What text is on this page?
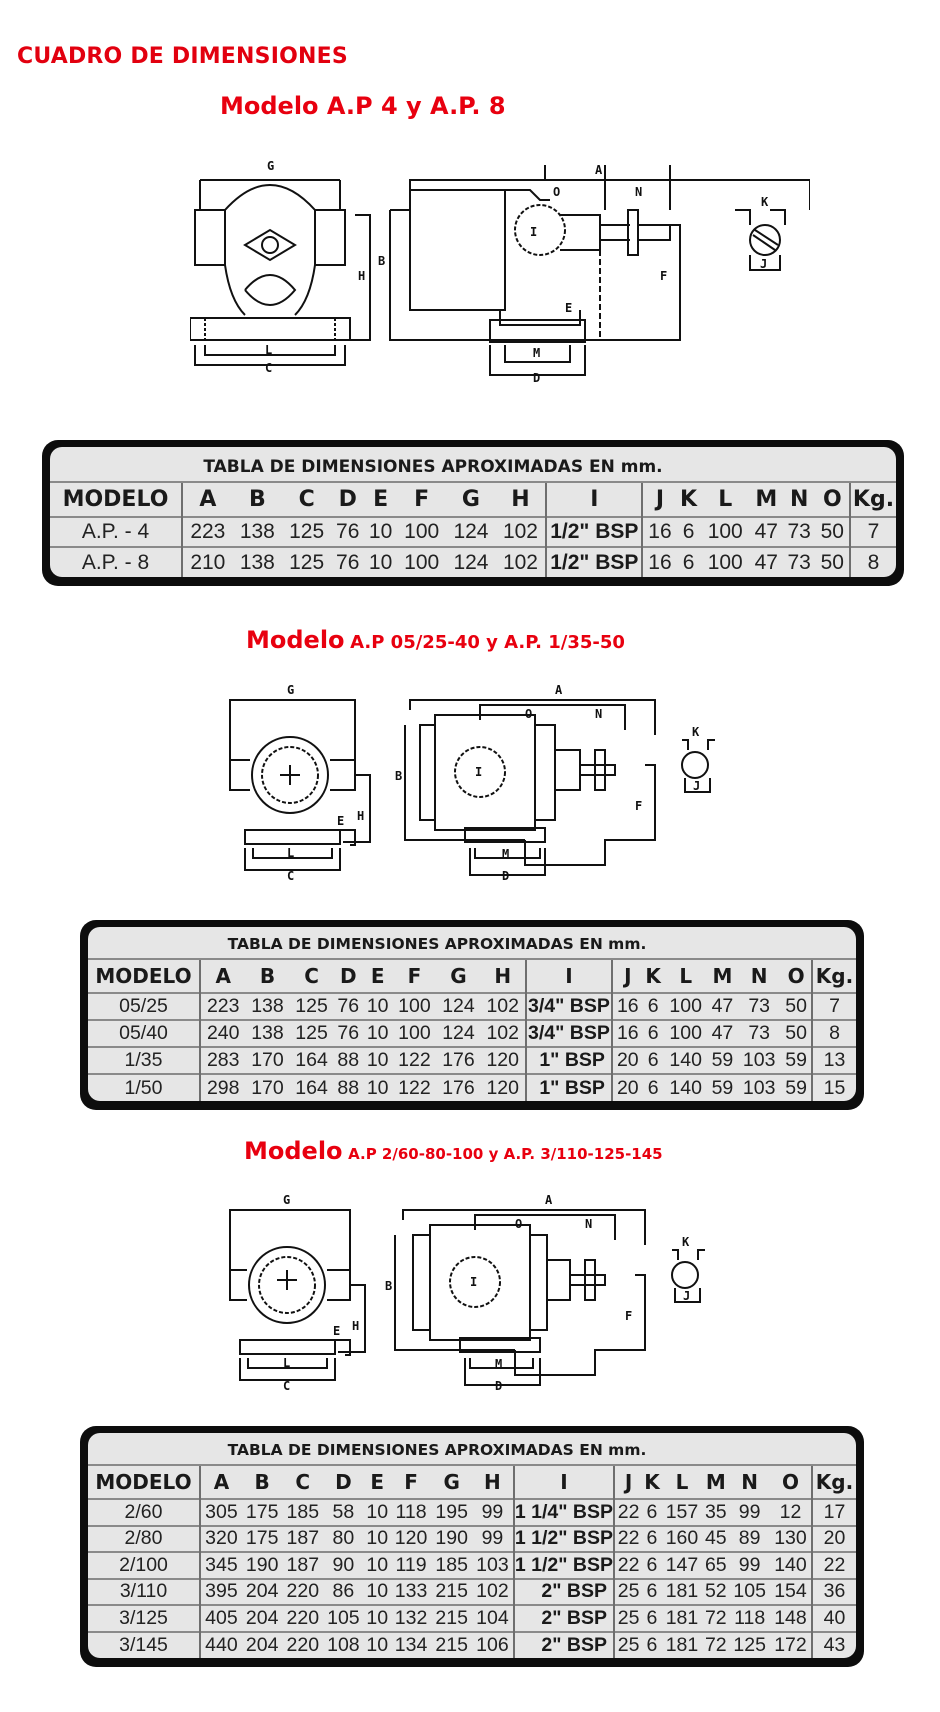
CUADRO DE DIMENSIONES
Modelo A.P 4 y A.P. 8
G	A
O	N
K
B
H
E
F
J
L
C
M
D
I
TABLA DE DIMENSIONES APROXIMADAS EN mm.
MODELO	A	B	C	D	E	F	G	H	I	J	K	L	M	N	O	Kg.
A.P. - 4	223	138	125	76	10	100	124	102	1/2" BSP	16	6	100	47	73	50	7
A.P. - 8	210	138	125	76	10	100	124	102	1/2" BSP	16	6	100	47	73	50	8
Modelo A.P 05/25-40 y A.P. 1/35-50
G	A
O	N
K
B
H
E
F
J
L
C
M
D
I
TABLA DE DIMENSIONES APROXIMADAS EN mm.
MODELO	A	B	C	D	E	F	G	H	I	J	K	L	M	N	O	Kg.
05/25	223	138	125	76	10	100	124	102	3/4" BSP	16	6	100	47	73	50	7
05/40	240	138	125	76	10	100	124	102	3/4" BSP	16	6	100	47	73	50	8
1/35	283	170	164	88	10	122	176	120	1" BSP	20	6	140	59	103	59	13
1/50	298	170	164	88	10	122	176	120	1" BSP	20	6	140	59	103	59	15
Modelo A.P 2/60-80-100 y A.P. 3/110-125-145
G	A
O	N
K
B
H
E
F
J
L
C
M
D
I
TABLA DE DIMENSIONES APROXIMADAS EN mm.
MODELO	A	B	C	D	E	F	G	H	I	J	K	L	M	N	O	Kg.
2/60	305	175	185	58	10	118	195	99	1 1/4" BSP	22	6	157	35	99	12	17
2/80	320	175	187	80	10	120	190	99	1 1/2" BSP	22	6	160	45	89	130	20
2/100	345	190	187	90	10	119	185	103	1 1/2" BSP	22	6	147	65	99	140	22
3/110	395	204	220	86	10	133	215	102	2" BSP	25	6	181	52	105	154	36
3/125	405	204	220	105	10	132	215	104	2" BSP	25	6	181	72	118	148	40
3/145	440	204	220	108	10	134	215	106	2" BSP	25	6	181	72	125	172	43
